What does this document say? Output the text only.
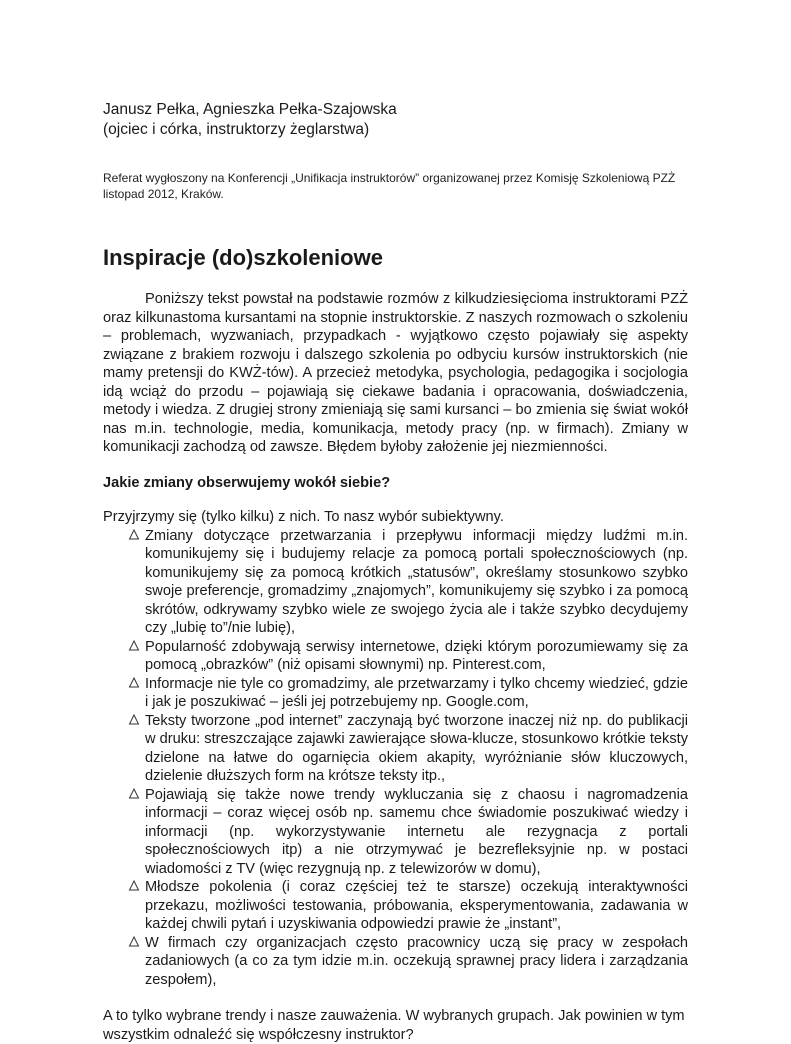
Janusz Pełka, Agnieszka Pełka-Szajowska
(ojciec i córka, instruktorzy żeglarstwa)

Referat wygłoszony na Konferencji „Unifikacja instruktorów” organizowanej przez Komisję Szkoleniową PZŻ listopad 2012, Kraków.

Inspiracje (do)szkoleniowe

Poniższy tekst powstał na podstawie rozmów z kilkudziesięcioma instruktorami PZŻ oraz kilkunastoma kursantami na stopnie instruktorskie. Z naszych rozmowach o szkoleniu – problemach, wyzwaniach, przypadkach - wyjątkowo często pojawiały się aspekty związane z brakiem rozwoju i dalszego szkolenia po odbyciu kursów instruktorskich (nie mamy pretensji do KWŻ-tów). A przecież metodyka, psychologia, pedagogika i socjologia idą wciąż do przodu – pojawiają się ciekawe badania i opracowania, doświadczenia, metody i wiedza. Z drugiej strony zmieniają się sami kursanci – bo zmienia się świat wokół nas m.in. technologie, media, komunikacja, metody pracy (np. w firmach). Zmiany w komunikacji zachodzą od zawsze. Błędem byłoby założenie jej niezmienności.

Jakie zmiany obserwujemy wokół siebie?

Przyjrzymy się (tylko kilku) z nich. To nasz wybór subiektywny.

Zmiany dotyczące przetwarzania i przepływu informacji między ludźmi m.in. komunikujemy się i budujemy relacje za pomocą portali społecznościowych (np. komunikujemy się za pomocą krótkich „statusów”, określamy stosunkowo szybko swoje preferencje, gromadzimy „znajomych”, komunikujemy się szybko i za pomocą skrótów, odkrywamy szybko wiele ze swojego życia ale i także szybko decydujemy czy „lubię to”/nie lubię),
Popularność zdobywają serwisy internetowe, dzięki którym porozumiewamy się za pomocą „obrazków” (niż opisami słownymi) np. Pinterest.com,
Informacje nie tyle co gromadzimy, ale przetwarzamy i tylko chcemy wiedzieć, gdzie i jak je poszukiwać – jeśli jej potrzebujemy np. Google.com,
Teksty tworzone „pod internet” zaczynają być tworzone inaczej niż np. do publikacji w druku: streszczające zajawki zawierające słowa-klucze, stosunkowo krótkie teksty dzielone na łatwe do ogarnięcia okiem akapity, wyróżnianie słów kluczowych, dzielenie dłuższych form na krótsze teksty itp.,
Pojawiają się także nowe trendy wykluczania się z chaosu i nagromadzenia informacji – coraz więcej osób np. samemu chce świadomie poszukiwać wiedzy i informacji (np. wykorzystywanie internetu ale rezygnacja z portali społecznościowych itp) a nie otrzymywać je bezrefleksyjnie np. w postaci wiadomości z TV (więc rezygnują np. z telewizorów w domu),
Młodsze pokolenia (i coraz częściej też te starsze) oczekują interaktywności przekazu, możliwości testowania, próbowania, eksperymentowania, zadawania w każdej chwili pytań i uzyskiwania odpowiedzi prawie że „instant”,
W firmach czy organizacjach często pracownicy uczą się pracy w zespołach zadaniowych (a co za tym idzie m.in. oczekują sprawnej pracy lidera i zarządzania zespołem),

A to tylko wybrane trendy i nasze zauważenia. W wybranych grupach. Jak powinien w tym wszystkim odnaleźć się współczesny instruktor?
